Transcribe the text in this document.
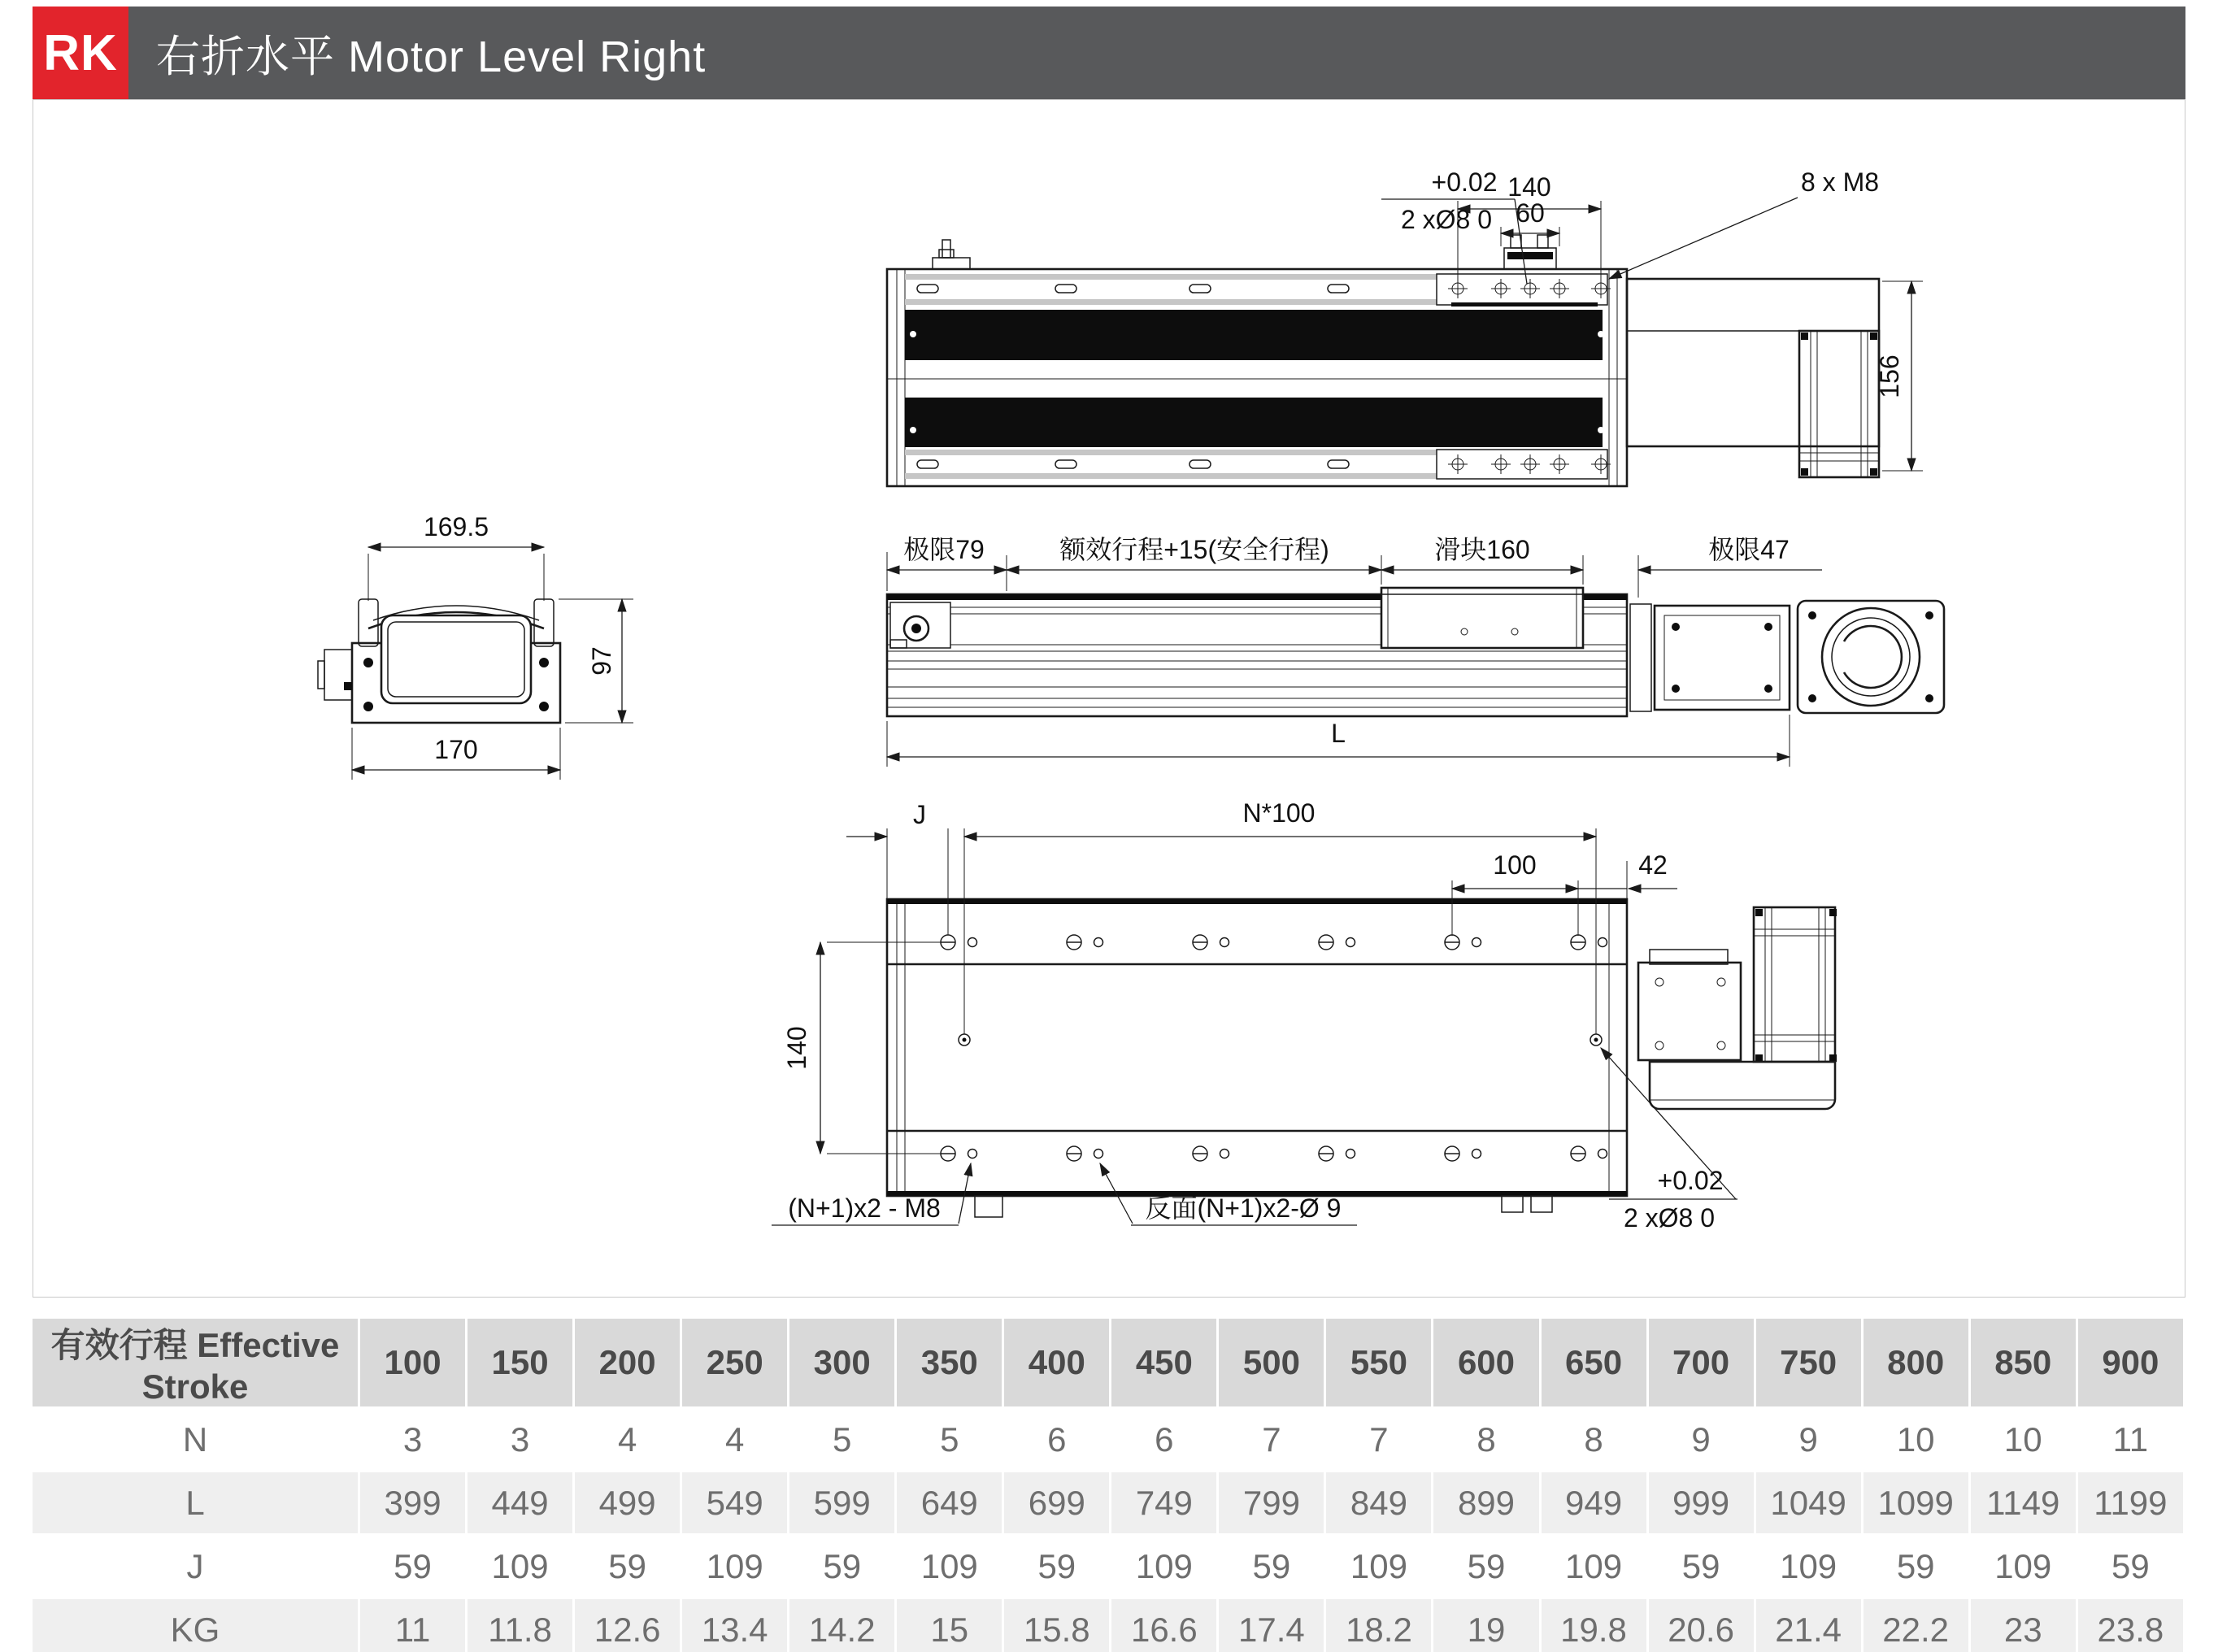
RK 右折水平 Motor Level Right
169.5
97
170
140
60
+0.02
2 xØ8 0
8 x M8
156
极限79	额效行程+15(安全行程)	滑块160	极限47
L
J	N*100
100	42
140
(N+1)x2 - M8	反面(N+1)x2-Ø 9
+0.02
2 xØ8 0
有效行程 Effective Stroke	100	150	200	250	300	350	400	450	500	550	600	650	700	750	800	850	900
N	3	3	4	4	5	5	6	6	7	7	8	8	9	9	10	10	11
L	399	449	499	549	599	649	699	749	799	849	899	949	999	1049	1099	1149	1199
J	59	109	59	109	59	109	59	109	59	109	59	109	59	109	59	109	59
KG	11	11.8	12.6	13.4	14.2	15	15.8	16.6	17.4	18.2	19	19.8	20.6	21.4	22.2	23	23.8
